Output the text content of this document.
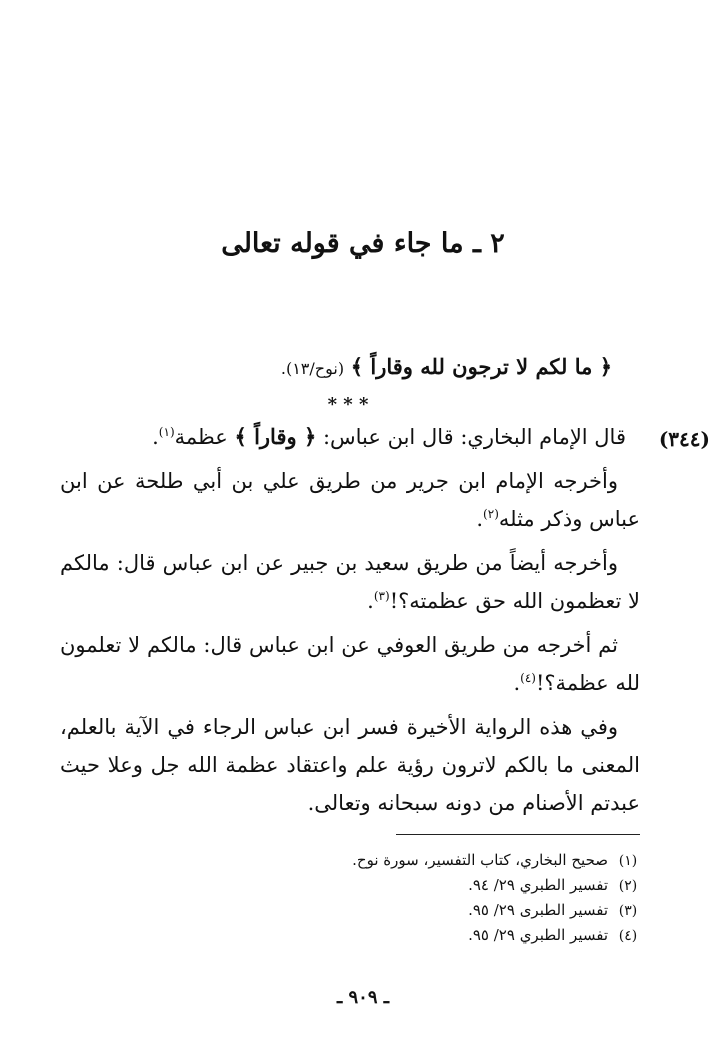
٢ ـ ما جاء في قوله تعالى
﴿ ما لكم لا ترجون لله وقاراً ﴾ (نوح/١٣).
* * *
(٣٤٤)

قال الإمام البخاري: قال ابن عباس: ﴿ وقاراً ﴾ عظمة$^{(١)}$.

وأخرجه الإمام ابن جرير من طريق علي بن أبي طلحة عن ابن عباس وذكر مثله$^{(٢)}$.

وأخرجه أيضاً من طريق سعيد بن جبير عن ابن عباس قال: مالكم لا تعظمون الله حق عظمته؟!$^{(٣)}$.

ثم أخرجه من طريق العوفي عن ابن عباس قال: مالكم لا تعلمون لله عظمة؟!$^{(٤)}$.

وفي هذه الرواية الأخيرة فسر ابن عباس الرجاء في الآية بالعلم، المعنى ما بالكم لاترون رؤية علم واعتقاد عظمة الله جل وعلا حيث عبدتم الأصنام من دونه سبحانه وتعالى.

(١)
صحيح البخاري، كتاب التفسير، سورة نوح.
(٢)
تفسير الطبري ٢٩/ ٩٤.
(٣)
تفسير الطبرى ٢٩/ ٩٥.
(٤)
تفسير الطبري ٢٩/ ٩٥.
ـ ٩٠٩ ـ
